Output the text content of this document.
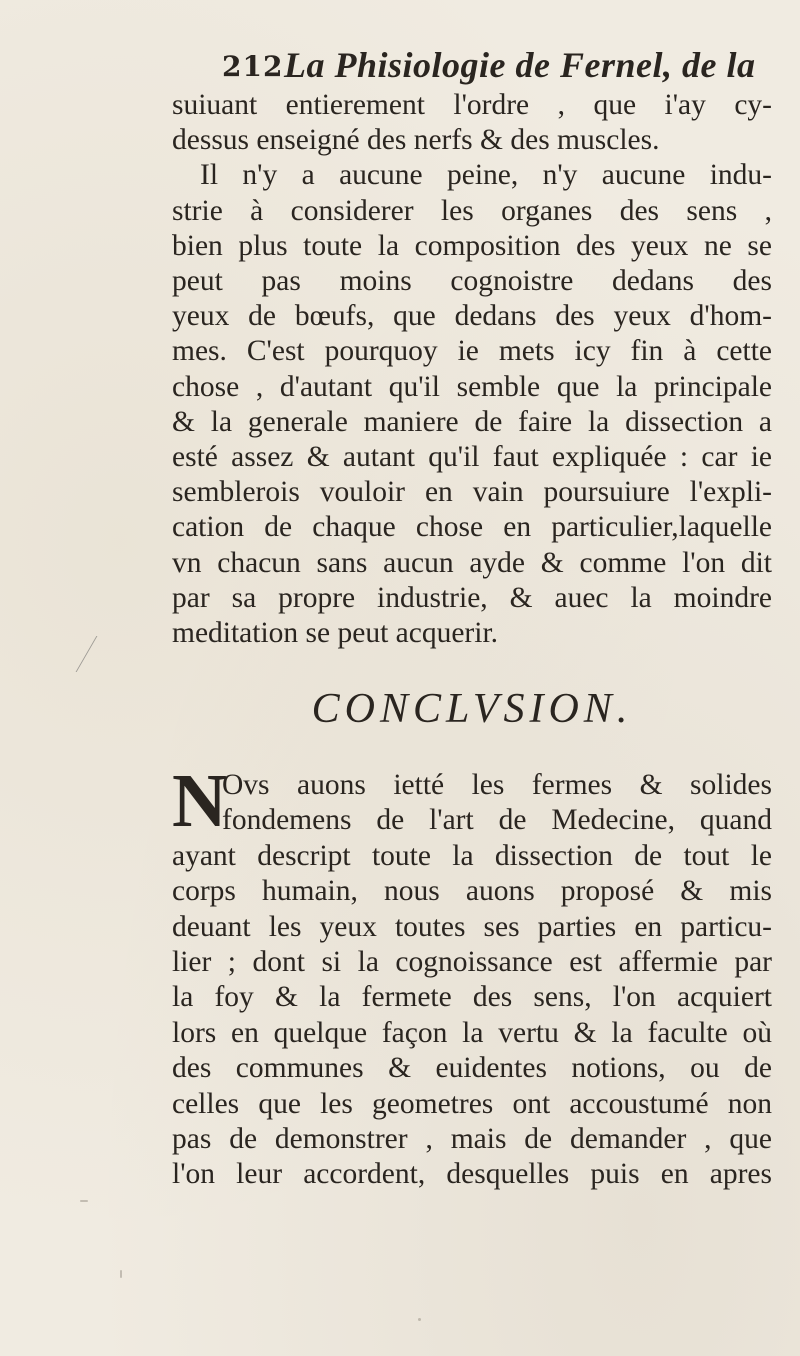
212 La Phisiologie de Fernel, de la
suiuant entierement l'ordre , que i'ay cy-
dessus enseigné des nerfs & des muscles.
Il n'y a aucune peine, n'y aucune indu-
strie à considerer les organes des sens ,
bien plus toute la composition des yeux ne se
peut pas moins cognoistre dedans des
yeux de bœufs, que dedans des yeux d'hom-
mes. C'est pourquoy ie mets icy fin à cette
chose , d'autant qu'il semble que la principale
& la generale maniere de faire la dissection a
esté assez & autant qu'il faut expliquée : car ie
semblerois vouloir en vain poursuiure l'expli-
cation de chaque chose en particulier,laquelle
vn chacun sans aucun ayde & comme l'on dit
par sa propre industrie, & auec la moindre
meditation se peut acquerir.
CONCLVSION.
N
Ovs auons ietté les fermes & solides
fondemens de l'art de Medecine, quand
ayant descript toute la dissection de tout le
corps humain, nous auons proposé & mis
deuant les yeux toutes ses parties en particu-
lier ; dont si la cognoissance est affermie par
la foy & la fermete des sens, l'on acquiert
lors en quelque façon la vertu & la faculte où
des communes & euidentes notions, ou de
celles que les geometres ont accoustumé non
pas de demonstrer , mais de demander , que
l'on leur accordent, desquelles puis en apres
